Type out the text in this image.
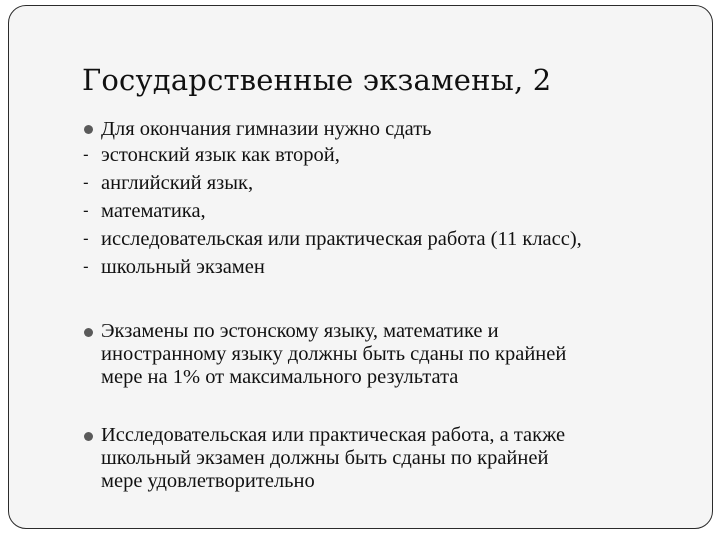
Государственные экзамены, 2
Для окончания гимназии нужно сдать
- эстонский язык как второй,
- английский язык,
- математика,
- исследовательская или практическая работа (11 класс),
- школьный экзамен
Экзамены по эстонскому языку, математике и
иностранному языку должны быть сданы по крайней
мере на 1% от максимального результата
Исследовательская или практическая работа, а также
школьный экзамен должны быть сданы по крайней
мере удовлетворительно
